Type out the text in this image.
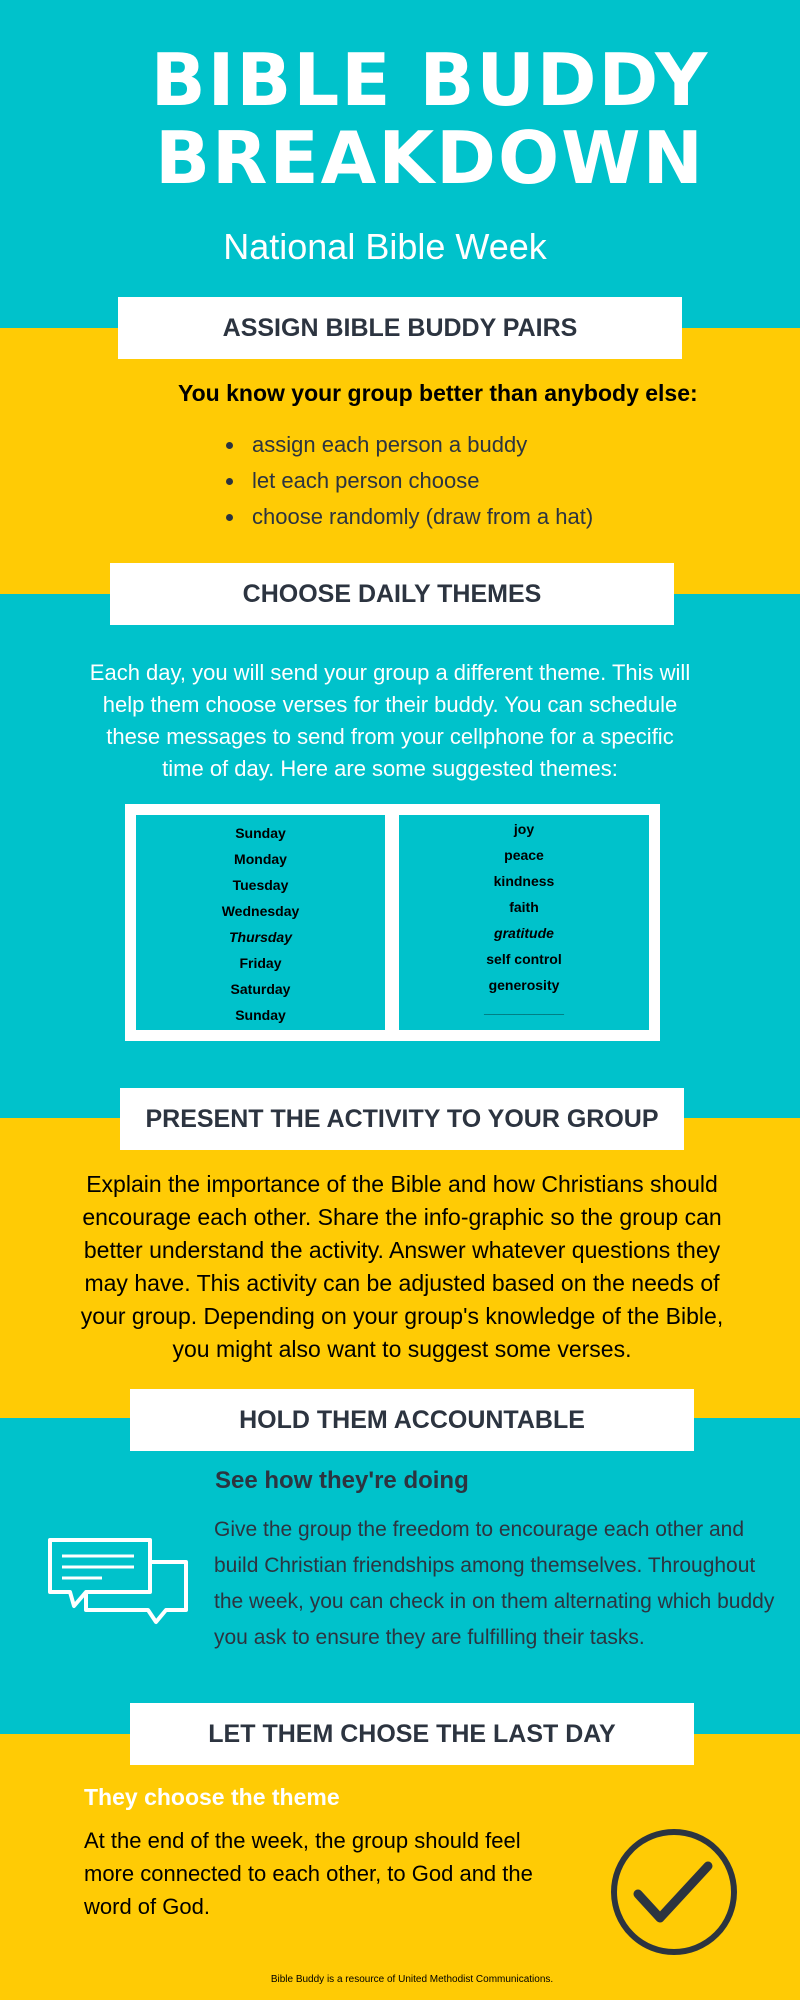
BIBLE BUDDY
BREAKDOWN
National Bible Week
ASSIGN BIBLE BUDDY PAIRS
You know your group better than anybody else:
• assign each person a buddy
• let each person choose
• choose randomly (draw from a hat)
CHOOSE DAILY THEMES
Each day, you will send your group a different theme. This will help them choose verses for their buddy. You can schedule these messages to send from your cellphone for a specific time of day. Here are some suggested themes:
Sunday
Monday
Tuesday
Wednesday
Thursday
Friday
Saturday
Sunday
joy
peace
kindness
faith
gratitude
self control
generosity
________________
PRESENT THE ACTIVITY TO YOUR GROUP
Explain the importance of the Bible and how Christians should encourage each other. Share the info-graphic so the group can better understand the activity. Answer whatever questions they may have. This activity can be adjusted based on the needs of your group. Depending on your group's knowledge of the Bible, you might also want to suggest some verses.
HOLD THEM ACCOUNTABLE
See how they're doing
Give the group the freedom to encourage each other and build Christian friendships among themselves. Throughout the week, you can check in on them alternating which buddy you ask to ensure they are fulfilling their tasks.
LET THEM CHOSE THE LAST DAY
They choose the theme
At the end of the week, the group should feel more connected to each other, to God and the word of God.
Bible Buddy is a resource of United Methodist Communications.
